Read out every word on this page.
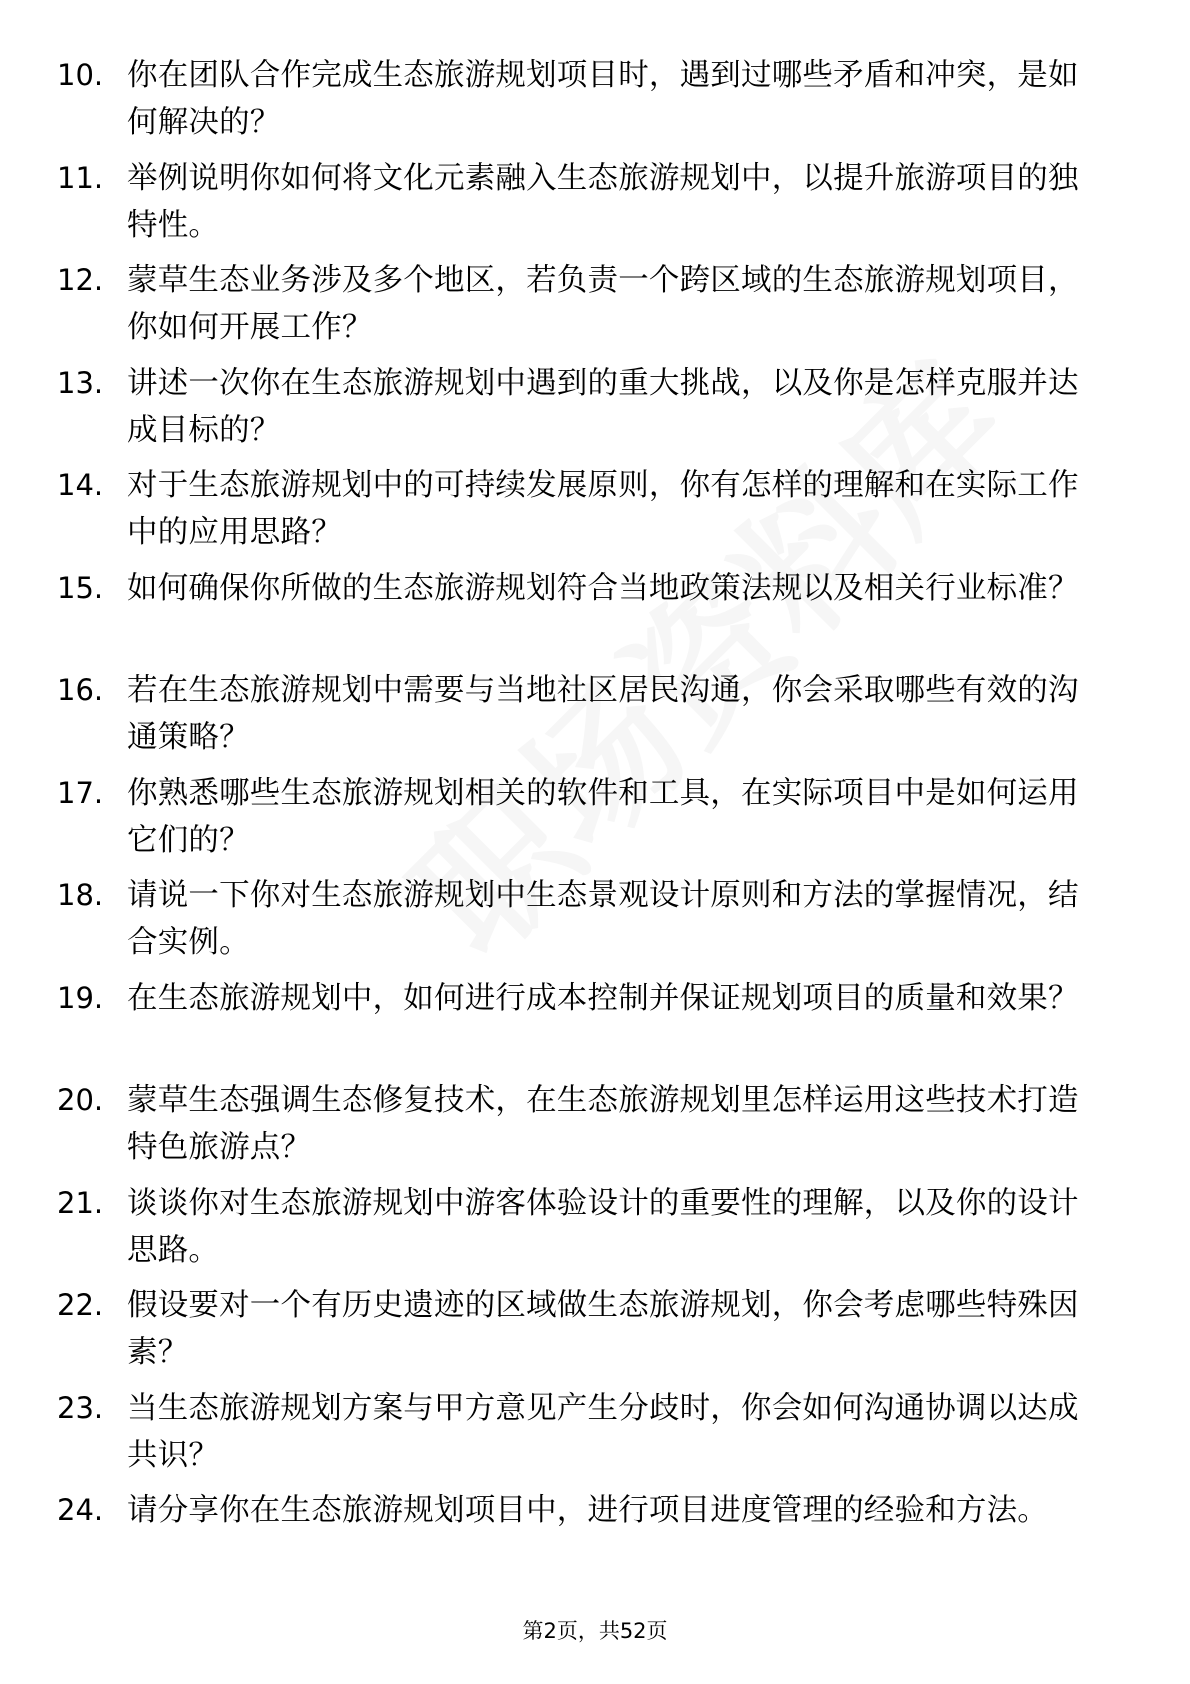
10. 你在团队合作完成生态旅游规划项目时，遇到过哪些矛盾和冲突，是如何解决的？
11. 举例说明你如何将文化元素融入生态旅游规划中，以提升旅游项目的独特性。
12. 蒙草生态业务涉及多个地区，若负责一个跨区域的生态旅游规划项目，你如何开展工作？
13. 讲述一次你在生态旅游规划中遇到的重大挑战，以及你是怎样克服并达成目标的？
14. 对于生态旅游规划中的可持续发展原则，你有怎样的理解和在实际工作中的应用思路？
15. 如何确保你所做的生态旅游规划符合当地政策法规以及相关行业标准？
16. 若在生态旅游规划中需要与当地社区居民沟通，你会采取哪些有效的沟通策略？
17. 你熟悉哪些生态旅游规划相关的软件和工具，在实际项目中是如何运用它们的？
18. 请说一下你对生态旅游规划中生态景观设计原则和方法的掌握情况，结合实例。
19. 在生态旅游规划中，如何进行成本控制并保证规划项目的质量和效果？
20. 蒙草生态强调生态修复技术，在生态旅游规划里怎样运用这些技术打造特色旅游点？
21. 谈谈你对生态旅游规划中游客体验设计的重要性的理解，以及你的设计思路。
22. 假设要对一个有历史遗迹的区域做生态旅游规划，你会考虑哪些特殊因素？
23. 当生态旅游规划方案与甲方意见产生分歧时，你会如何沟通协调以达成共识？
24. 请分享你在生态旅游规划项目中，进行项目进度管理的经验和方法。
第2页，共52页
